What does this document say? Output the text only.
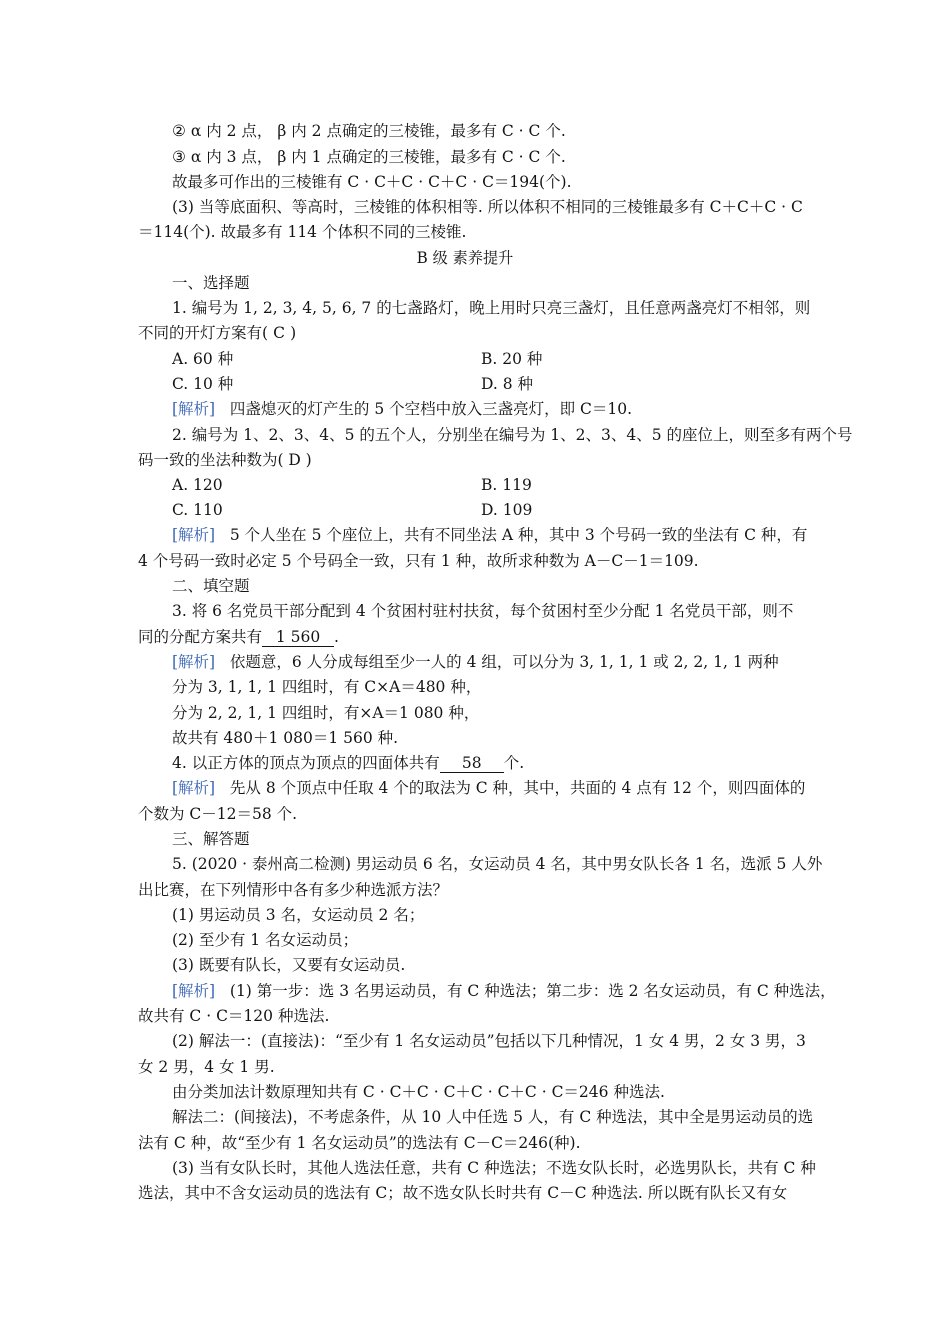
② α 内 2 点， β 内 2 点确定的三棱锥，最多有 C · C 个.
③ α 内 3 点， β 内 1 点确定的三棱锥，最多有 C · C 个.
故最多可作出的三棱锥有 C · C＋C · C＋C · C＝194(个).
(3) 当等底面积、等高时，三棱锥的体积相等. 所以体积不相同的三棱锥最多有 C＋C＋C · C
＝114(个). 故最多有 114 个体积不同的三棱锥.
B 级 素养提升
一、选择题
1. 编号为 1, 2, 3, 4, 5, 6, 7 的七盏路灯，晚上用时只亮三盏灯，且任意两盏亮灯不相邻，则
不同的开灯方案有( C )
A. 60 种	B. 20 种
C. 10 种	D. 8 种
[解析] 四盏熄灭的灯产生的 5 个空档中放入三盏亮灯，即 C＝10.
2. 编号为 1、2、3、4、5 的五个人，分别坐在编号为 1、2、3、4、5 的座位上，则至多有两个号
码一致的坐法种数为( D )
A. 120	B. 119
C. 110	D. 109
[解析] 5 个人坐在 5 个座位上，共有不同坐法 A 种，其中 3 个号码一致的坐法有 C 种，有
4 个号码一致时必定 5 个号码全一致，只有 1 种，故所求种数为 A－C－1＝109.
二、填空题
3. 将 6 名党员干部分配到 4 个贫困村驻村扶贫，每个贫困村至少分配 1 名党员干部，则不
同的分配方案共有 1 560 .
[解析] 依题意，6 人分成每组至少一人的 4 组，可以分为 3, 1, 1, 1 或 2, 2, 1, 1 两种
分为 3, 1, 1, 1 四组时，有 C×A＝480 种，
分为 2, 2, 1, 1 四组时，有×A＝1 080 种，
故共有 480＋1 080＝1 560 种.
4. 以正方体的顶点为顶点的四面体共有 58 个.
[解析] 先从 8 个顶点中任取 4 个的取法为 C 种，其中，共面的 4 点有 12 个，则四面体的
个数为 C－12＝58 个.
三、解答题
5. (2020 · 泰州高二检测) 男运动员 6 名，女运动员 4 名，其中男女队长各 1 名，选派 5 人外
出比赛，在下列情形中各有多少种选派方法？
(1) 男运动员 3 名，女运动员 2 名；
(2) 至少有 1 名女运动员；
(3) 既要有队长，又要有女运动员.
[解析] (1) 第一步：选 3 名男运动员，有 C 种选法；第二步：选 2 名女运动员，有 C 种选法，
故共有 C · C＝120 种选法.
(2) 解法一：(直接法)：“至少有 1 名女运动员”包括以下几种情况，1 女 4 男，2 女 3 男，3
女 2 男，4 女 1 男.
由分类加法计数原理知共有 C · C＋C · C＋C · C＋C · C＝246 种选法.
解法二：(间接法)，不考虑条件，从 10 人中任选 5 人，有 C 种选法，其中全是男运动员的选
法有 C 种，故“至少有 1 名女运动员”的选法有 C－C＝246(种).
(3) 当有女队长时，其他人选法任意，共有 C 种选法；不选女队长时，必选男队长，共有 C 种
选法，其中不含女运动员的选法有 C；故不选女队长时共有 C－C 种选法. 所以既有队长又有女
